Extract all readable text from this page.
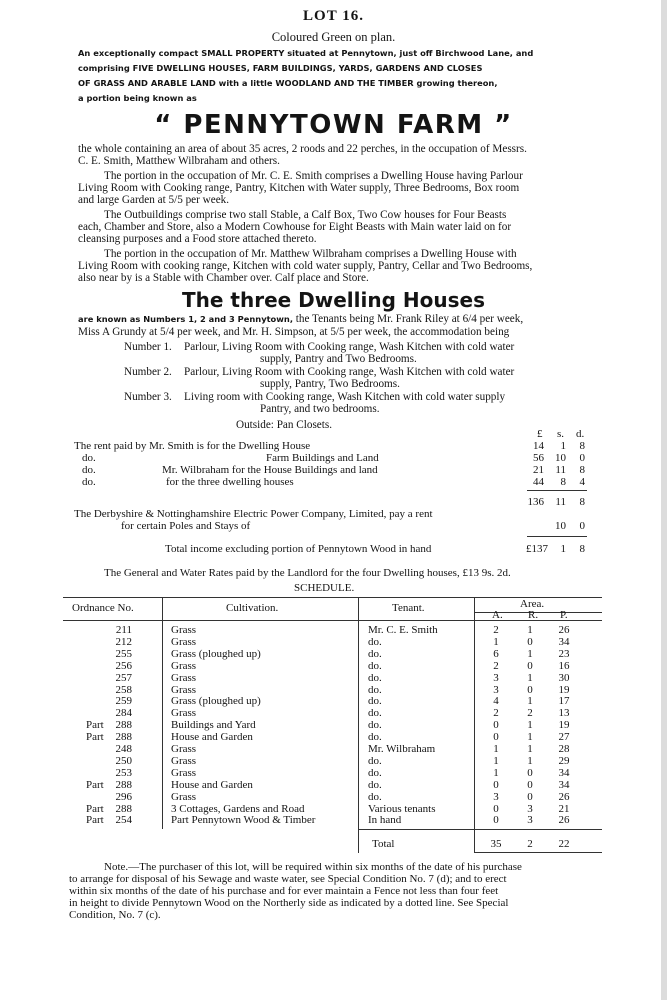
LOT 16.
Coloured Green on plan.
An exceptionally compact SMALL PROPERTY situated at Pennytown, just off Birchwood Lane, and
comprising FIVE DWELLING HOUSES, FARM BUILDINGS, YARDS, GARDENS AND CLOSES
OF GRASS AND ARABLE LAND with a little WOODLAND AND THE TIMBER growing thereon,
a portion being known as
“ PENNYTOWN FARM ”
the whole containing an area of about 35 acres, 2 roods and 22 perches, in the occupation of Messrs.
C. E. Smith, Matthew Wilbraham and others.
The portion in the occupation of Mr. C. E. Smith comprises a Dwelling House having Parlour
Living Room with Cooking range, Pantry, Kitchen with Water supply, Three Bedrooms, Box room
and large Garden at 5/5 per week.
The Outbuildings comprise two stall Stable, a Calf Box, Two Cow houses for Four Beasts
each, Chamber and Store, also a Modern Cowhouse for Eight Beasts with Main water laid on for
cleansing purposes and a Food store attached thereto.
The portion in the occupation of Mr. Matthew Wilbraham comprises a Dwelling House with
Living Room with cooking range, Kitchen with cold water supply, Pantry, Cellar and Two Bedrooms,
also near by is a Stable with Chamber over. Calf place and Store.
The three Dwelling Houses
are known as Numbers 1, 2 and 3 Pennytown, the Tenants being Mr. Frank Riley at 6/4 per week,
Miss A Grundy at 5/4 per week, and Mr. H. Simpson, at 5/5 per week, the accommodation being
Number 1. Parlour, Living Room with Cooking range, Wash Kitchen with cold water
supply, Pantry and Two Bedrooms.
Number 2. Parlour, Living Room with Cooking range, Wash Kitchen with cold water
supply, Pantry, Two Bedrooms.
Number 3. Living room with Cooking range, Wash Kitchen with cold water supply
Pantry, and two bedrooms.
Outside: Pan Closets.
£ s. d.
The rent paid by Mr. Smith is for the Dwelling House	14	1	8
do.	Farm Buildings and Land	56	10	0
do.	Mr. Wilbraham for the House Buildings and land	21	11	8
do.	for the three dwelling houses	44	8	4
136	11	8
The Derbyshire & Nottinghamshire Electric Power Company, Limited, pay a rent
for certain Poles and Stays of	10	0
Total income excluding portion of Pennytown Wood in hand	£137	1	8
The General and Water Rates paid by the Landlord for the four Dwelling houses, £13 9s. 2d.
SCHEDULE.
Ordnance No.	Cultivation.	Tenant.	Area.
A. R. P.
211	Grass	Mr. C. E. Smith	2	1	26
212	Grass	do.	1	0	34
255	Grass (ploughed up)	do.	6	1	23
256	Grass	do.	2	0	16
257	Grass	do.	3	1	30
258	Grass	do.	3	0	19
259	Grass (ploughed up)	do.	4	1	17
284	Grass	do.	2	2	13
Part	288	Buildings and Yard	do.	0	1	19
Part	288	House and Garden	do.	0	1	27
248	Grass	Mr. Wilbraham	1	1	28
250	Grass	do.	1	1	29
253	Grass	do.	1	0	34
Part	288	House and Garden	do.	0	0	34
296	Grass	do.	3	0	26
Part	288	3 Cottages, Gardens and Road	Various tenants	0	3	21
Part	254	Part Pennytown Wood & Timber	In hand	0	3	26
Total	35	2	22
Note.—The purchaser of this lot, will be required within six months of the date of his purchase
to arrange for disposal of his Sewage and waste water, see Special Condition No. 7 (d); and to erect
within six months of the date of his purchase and for ever maintain a Fence not less than four feet
in height to divide Pennytown Wood on the Northerly side as indicated by a dotted line. See Special
Condition, No. 7 (c).
